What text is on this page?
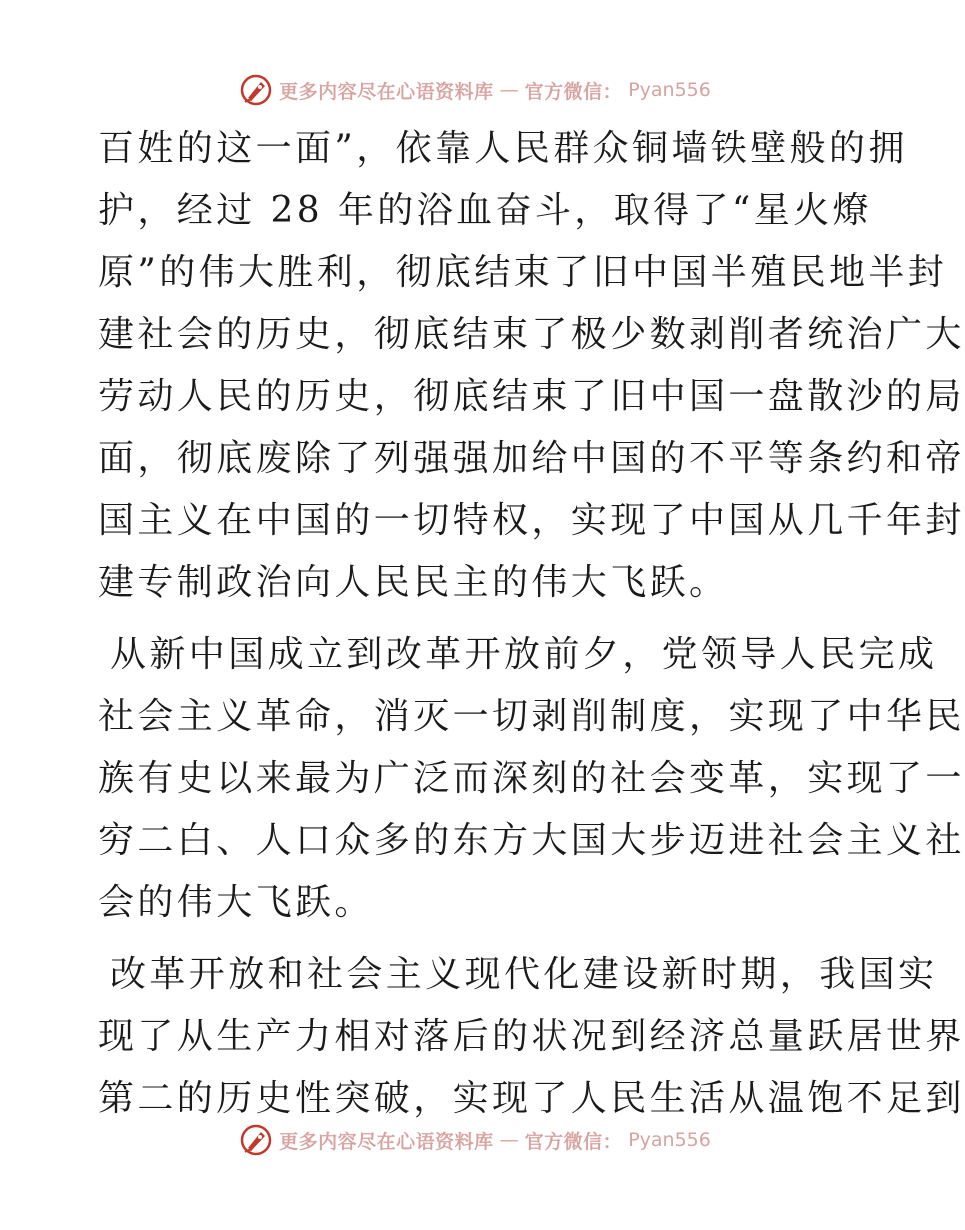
更多内容尽在心语资料库 — 官方微信： Pyan556
百姓的这一面”，依靠人民群众铜墙铁壁般的拥
护，经过 28 年的浴血奋斗，取得了“星火燎
原”的伟大胜利，彻底结束了旧中国半殖民地半封
建社会的历史，彻底结束了极少数剥削者统治广大
劳动人民的历史，彻底结束了旧中国一盘散沙的局
面，彻底废除了列强强加给中国的不平等条约和帝
国主义在中国的一切特权，实现了中国从几千年封
建专制政治向人民民主的伟大飞跃。
从新中国成立到改革开放前夕，党领导人民完成
社会主义革命，消灭一切剥削制度，实现了中华民
族有史以来最为广泛而深刻的社会变革，实现了一
穷二白、人口众多的东方大国大步迈进社会主义社
会的伟大飞跃。
改革开放和社会主义现代化建设新时期，我国实
现了从生产力相对落后的状况到经济总量跃居世界
第二的历史性突破，实现了人民生活从温饱不足到
更多内容尽在心语资料库 — 官方微信： Pyan556
